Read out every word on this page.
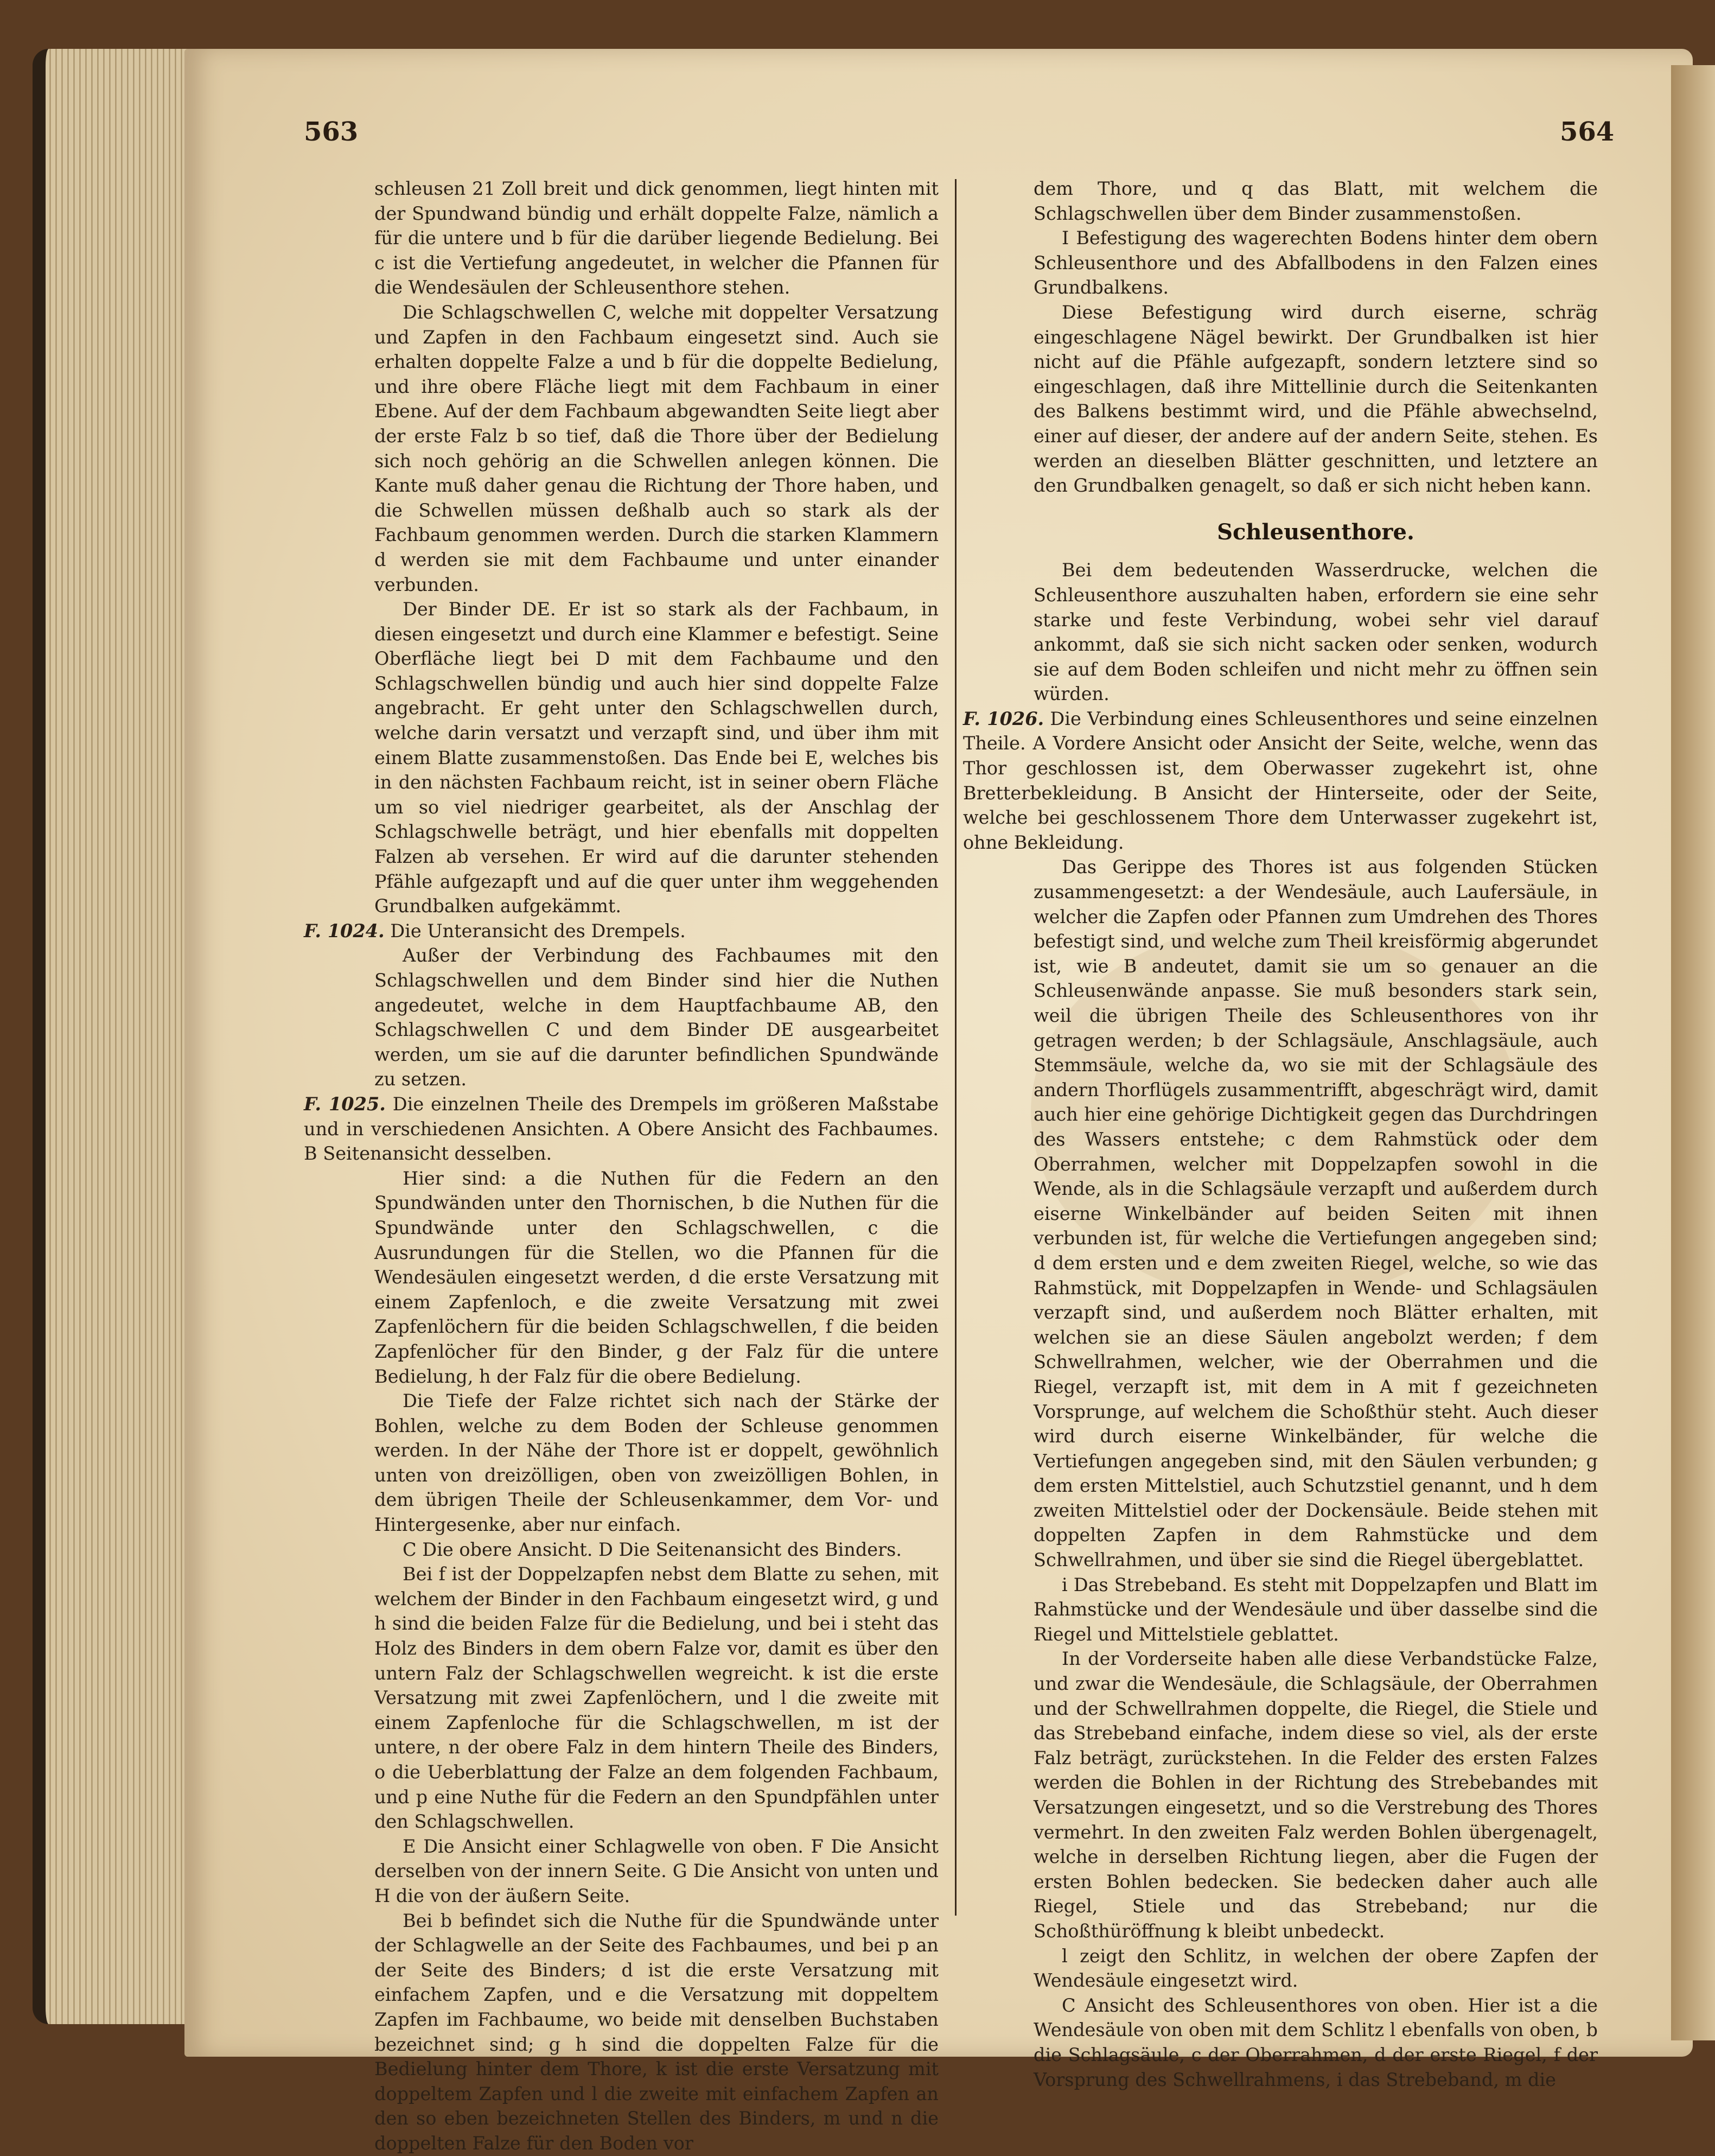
563	564

schleusen 21 Zoll breit und dick genommen, liegt hinten mit der Spundwand bündig und erhält doppelte Falze, nämlich a für die untere und b für die darüber liegende Bedielung. Bei c ist die Vertiefung angedeutet, in welcher die Pfannen für die Wendesäulen der Schleusenthore stehen.

Die Schlagschwellen C, welche mit doppelter Versatzung und Zapfen in den Fachbaum eingesetzt sind. Auch sie erhalten doppelte Falze a und b für die doppelte Bedielung, und ihre obere Fläche liegt mit dem Fachbaum in einer Ebene. Auf der dem Fachbaum abgewandten Seite liegt aber der erste Falz b so tief, daß die Thore über der Bedielung sich noch gehörig an die Schwellen anlegen können. Die Kante muß daher genau die Richtung der Thore haben, und die Schwellen müssen deßhalb auch so stark als der Fachbaum genommen werden. Durch die starken Klammern d werden sie mit dem Fachbaume und unter einander verbunden.

Der Binder DE. Er ist so stark als der Fachbaum, in diesen eingesetzt und durch eine Klammer e befestigt. Seine Oberfläche liegt bei D mit dem Fachbaume und den Schlagschwellen bündig und auch hier sind doppelte Falze angebracht. Er geht unter den Schlagschwellen durch, welche darin versatzt und verzapft sind, und über ihm mit einem Blatte zusammenstoßen. Das Ende bei E, welches bis in den nächsten Fachbaum reicht, ist in seiner obern Fläche um so viel niedriger gearbeitet, als der Anschlag der Schlagschwelle beträgt, und hier ebenfalls mit doppelten Falzen ab versehen. Er wird auf die darunter stehenden Pfähle aufgezapft und auf die quer unter ihm weggehenden Grundbalken aufgekämmt.

F. 1024. Die Unteransicht des Drempels.

Außer der Verbindung des Fachbaumes mit den Schlagschwellen und dem Binder sind hier die Nuthen angedeutet, welche in dem Hauptfachbaume AB, den Schlagschwellen C und dem Binder DE ausgearbeitet werden, um sie auf die darunter befindlichen Spundwände zu setzen.

F. 1025. Die einzelnen Theile des Drempels im größeren Maßstabe und in verschiedenen Ansichten. A Obere Ansicht des Fachbaumes. B Seitenansicht desselben.

Hier sind: a die Nuthen für die Federn an den Spundwänden unter den Thornischen, b die Nuthen für die Spundwände unter den Schlagschwellen, c die Ausrundungen für die Stellen, wo die Pfannen für die Wendesäulen eingesetzt werden, d die erste Versatzung mit einem Zapfenloch, e die zweite Versatzung mit zwei Zapfenlöchern für die beiden Schlagschwellen, f die beiden Zapfenlöcher für den Binder, g der Falz für die untere Bedielung, h der Falz für die obere Bedielung.

Die Tiefe der Falze richtet sich nach der Stärke der Bohlen, welche zu dem Boden der Schleuse genommen werden. In der Nähe der Thore ist er doppelt, gewöhnlich unten von dreizölligen, oben von zweizölligen Bohlen, in dem übrigen Theile der Schleusenkammer, dem Vor- und Hintergesenke, aber nur einfach.

C Die obere Ansicht. D Die Seitenansicht des Binders.

Bei f ist der Doppelzapfen nebst dem Blatte zu sehen, mit welchem der Binder in den Fachbaum eingesetzt wird, g und h sind die beiden Falze für die Bedielung, und bei i steht das Holz des Binders in dem obern Falze vor, damit es über den untern Falz der Schlagschwellen wegreicht. k ist die erste Versatzung mit zwei Zapfenlöchern, und l die zweite mit einem Zapfenloche für die Schlagschwellen, m ist der untere, n der obere Falz in dem hintern Theile des Binders, o die Ueberblattung der Falze an dem folgenden Fachbaum, und p eine Nuthe für die Federn an den Spundpfählen unter den Schlagschwellen.

E Die Ansicht einer Schlagwelle von oben. F Die Ansicht derselben von der innern Seite. G Die Ansicht von unten und H die von der äußern Seite.

Bei b befindet sich die Nuthe für die Spundwände unter der Schlagwelle an der Seite des Fachbaumes, und bei p an der Seite des Binders; d ist die erste Versatzung mit einfachem Zapfen, und e die Versatzung mit doppeltem Zapfen im Fachbaume, wo beide mit denselben Buchstaben bezeichnet sind; g h sind die doppelten Falze für die Bedielung hinter dem Thore, k ist die erste Versatzung mit doppeltem Zapfen und l die zweite mit einfachem Zapfen an den so eben bezeichneten Stellen des Binders, m und n die doppelten Falze für den Boden vor

dem Thore, und q das Blatt, mit welchem die Schlagschwellen über dem Binder zusammenstoßen.

I Befestigung des wagerechten Bodens hinter dem obern Schleusenthore und des Abfallbodens in den Falzen eines Grundbalkens.

Diese Befestigung wird durch eiserne, schräg eingeschlagene Nägel bewirkt. Der Grundbalken ist hier nicht auf die Pfähle aufgezapft, sondern letztere sind so eingeschlagen, daß ihre Mittellinie durch die Seitenkanten des Balkens bestimmt wird, und die Pfähle abwechselnd, einer auf dieser, der andere auf der andern Seite, stehen. Es werden an dieselben Blätter geschnitten, und letztere an den Grundbalken genagelt, so daß er sich nicht heben kann.

Schleusenthore.

Bei dem bedeutenden Wasserdrucke, welchen die Schleusenthore auszuhalten haben, erfordern sie eine sehr starke und feste Verbindung, wobei sehr viel darauf ankommt, daß sie sich nicht sacken oder senken, wodurch sie auf dem Boden schleifen und nicht mehr zu öffnen sein würden.

F. 1026. Die Verbindung eines Schleusenthores und seine einzelnen Theile. A Vordere Ansicht oder Ansicht der Seite, welche, wenn das Thor geschlossen ist, dem Oberwasser zugekehrt ist, ohne Bretterbekleidung. B Ansicht der Hinterseite, oder der Seite, welche bei geschlossenem Thore dem Unterwasser zugekehrt ist, ohne Bekleidung.

Das Gerippe des Thores ist aus folgenden Stücken zusammengesetzt: a der Wendesäule, auch Laufersäule, in welcher die Zapfen oder Pfannen zum Umdrehen des Thores befestigt sind, und welche zum Theil kreisförmig abgerundet ist, wie B andeutet, damit sie um so genauer an die Schleusenwände anpasse. Sie muß besonders stark sein, weil die übrigen Theile des Schleusenthores von ihr getragen werden; b der Schlagsäule, Anschlagsäule, auch Stemmsäule, welche da, wo sie mit der Schlagsäule des andern Thorflügels zusammentrifft, abgeschrägt wird, damit auch hier eine gehörige Dichtigkeit gegen das Durchdringen des Wassers entstehe; c dem Rahmstück oder dem Oberrahmen, welcher mit Doppelzapfen sowohl in die Wende, als in die Schlagsäule verzapft und außerdem durch eiserne Winkelbänder auf beiden Seiten mit ihnen verbunden ist, für welche die Vertiefungen angegeben sind; d dem ersten und e dem zweiten Riegel, welche, so wie das Rahmstück, mit Doppelzapfen in Wende- und Schlagsäulen verzapft sind, und außerdem noch Blätter erhalten, mit welchen sie an diese Säulen angebolzt werden; f dem Schwellrahmen, welcher, wie der Oberrahmen und die Riegel, verzapft ist, mit dem in A mit f gezeichneten Vorsprunge, auf welchem die Schoßthür steht. Auch dieser wird durch eiserne Winkelbänder, für welche die Vertiefungen angegeben sind, mit den Säulen verbunden; g dem ersten Mittelstiel, auch Schutzstiel genannt, und h dem zweiten Mittelstiel oder der Dockensäule. Beide stehen mit doppelten Zapfen in dem Rahmstücke und dem Schwellrahmen, und über sie sind die Riegel übergeblattet.

i Das Strebeband. Es steht mit Doppelzapfen und Blatt im Rahmstücke und der Wendesäule und über dasselbe sind die Riegel und Mittelstiele geblattet.

In der Vorderseite haben alle diese Verbandstücke Falze, und zwar die Wendesäule, die Schlagsäule, der Oberrahmen und der Schwellrahmen doppelte, die Riegel, die Stiele und das Strebeband einfache, indem diese so viel, als der erste Falz beträgt, zurückstehen. In die Felder des ersten Falzes werden die Bohlen in der Richtung des Strebebandes mit Versatzungen eingesetzt, und so die Verstrebung des Thores vermehrt. In den zweiten Falz werden Bohlen übergenagelt, welche in derselben Richtung liegen, aber die Fugen der ersten Bohlen bedecken. Sie bedecken daher auch alle Riegel, Stiele und das Strebeband; nur die Schoßthüröffnung k bleibt unbedeckt.

l zeigt den Schlitz, in welchen der obere Zapfen der Wendesäule eingesetzt wird.

C Ansicht des Schleusenthores von oben. Hier ist a die Wendesäule von oben mit dem Schlitz l ebenfalls von oben, b die Schlagsäule, c der Oberrahmen, d der erste Riegel, f der Vorsprung des Schwellrahmens, i das Strebeband, m die
